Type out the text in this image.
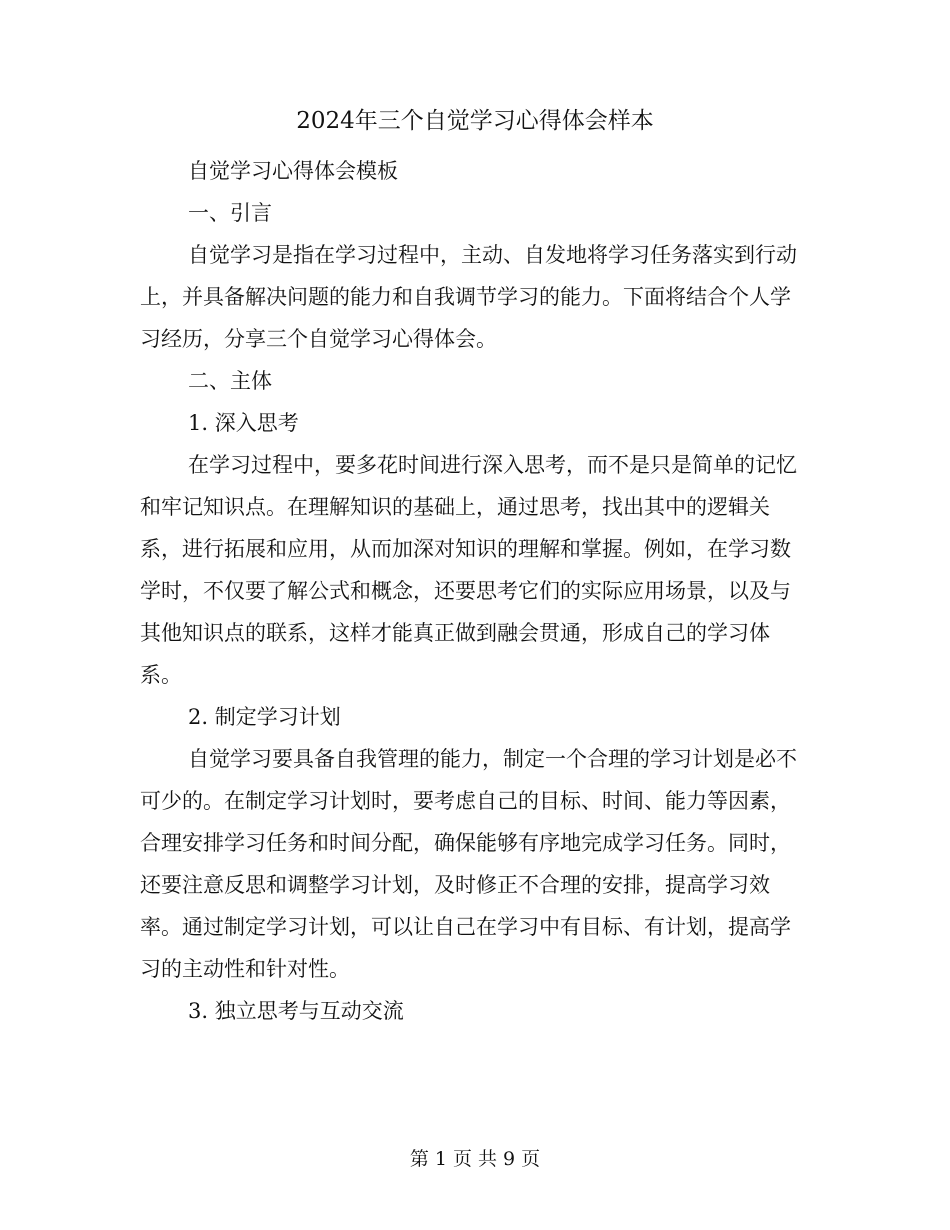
2024年三个自觉学习心得体会样本

自觉学习心得体会模板

一、引言

自觉学习是指在学习过程中，主动、自发地将学习任务落实到行动上，并具备解决问题的能力和自我调节学习的能力。下面将结合个人学习经历，分享三个自觉学习心得体会。

二、主体

1. 深入思考

在学习过程中，要多花时间进行深入思考，而不是只是简单的记忆和牢记知识点。在理解知识的基础上，通过思考，找出其中的逻辑关系，进行拓展和应用，从而加深对知识的理解和掌握。例如，在学习数学时，不仅要了解公式和概念，还要思考它们的实际应用场景，以及与其他知识点的联系，这样才能真正做到融会贯通，形成自己的学习体系。

2. 制定学习计划

自觉学习要具备自我管理的能力，制定一个合理的学习计划是必不可少的。在制定学习计划时，要考虑自己的目标、时间、能力等因素，合理安排学习任务和时间分配，确保能够有序地完成学习任务。同时，还要注意反思和调整学习计划，及时修正不合理的安排，提高学习效率。通过制定学习计划，可以让自己在学习中有目标、有计划，提高学习的主动性和针对性。

3. 独立思考与互动交流

第 1 页 共 9 页
